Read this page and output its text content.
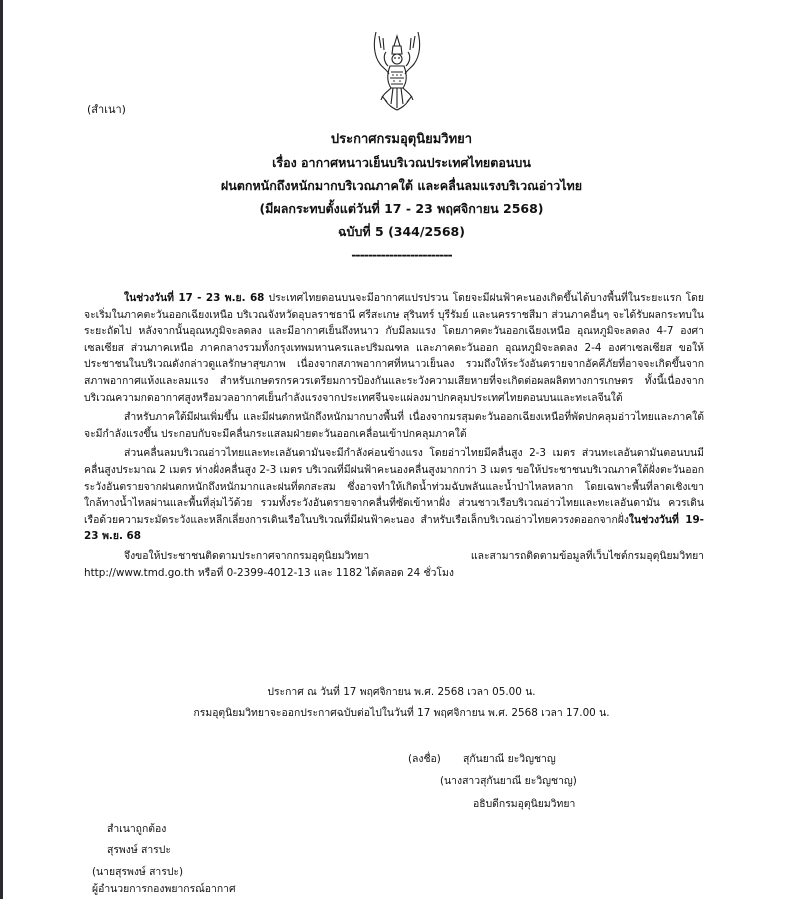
(สำเนา)
ประกาศกรมอุตุนิยมวิทยา
เรื่อง อากาศหนาวเย็นบริเวณประเทศไทยตอนบน
ฝนตกหนักถึงหนักมากบริเวณภาคใต้ และคลื่นลมแรงบริเวณอ่าวไทย
(มีผลกระทบตั้งแต่วันที่ 17 - 23 พฤศจิกายน 2568)
ฉบับที่ 5 (344/2568)
------------------------

ในช่วงวันที่ 17 - 23 พ.ย. 68 ประเทศไทยตอนบนจะมีอากาศแปรปรวน โดยจะมีฝนฟ้าคะนองเกิดขึ้นได้บางพื้นที่ในระยะแรก โดยจะเริ่มในภาคตะวันออกเฉียงเหนือ บริเวณจังหวัดอุบลราชธานี ศรีสะเกษ สุรินทร์ บุรีรัมย์ และนครราชสีมา ส่วนภาคอื่นๆ จะได้รับผลกระทบในระยะถัดไป หลังจากนั้นอุณหภูมิจะลดลง และมีอากาศเย็นถึงหนาว กับมีลมแรง โดยภาคตะวันออกเฉียงเหนือ อุณหภูมิจะลดลง 4-7 องศาเซลเซียส ส่วนภาคเหนือ ภาคกลางรวมทั้งกรุงเทพมหานครและปริมณฑล และภาคตะวันออก อุณหภูมิจะลดลง 2-4 องศาเซลเซียส ขอให้ประชาชนในบริเวณดังกล่าวดูแลรักษาสุขภาพ เนื่องจากสภาพอากาศที่หนาวเย็นลง รวมถึงให้ระวังอันตรายจากอัคคีภัยที่อาจจะเกิดขึ้นจากสภาพอากาศแห้งและลมแรง สำหรับเกษตรกรควรเตรียมการป้องกันและระวังความเสียหายที่จะเกิดต่อผลผลิตทางการเกษตร ทั้งนี้เนื่องจากบริเวณความกดอากาศสูงหรือมวลอากาศเย็นกำลังแรงจากประเทศจีนจะแผ่ลงมาปกคลุมประเทศไทยตอนบนและทะเลจีนใต้

สำหรับภาคใต้มีฝนเพิ่มขึ้น และมีฝนตกหนักถึงหนักมากบางพื้นที่ เนื่องจากมรสุมตะวันออกเฉียงเหนือที่พัดปกคลุมอ่าวไทยและภาคใต้จะมีกำลังแรงขึ้น ประกอบกับจะมีคลื่นกระแสลมฝ่ายตะวันออกเคลื่อนเข้าปกคลุมภาคใต้

ส่วนคลื่นลมบริเวณอ่าวไทยและทะเลอันดามันจะมีกำลังค่อนข้างแรง โดยอ่าวไทยมีคลื่นสูง 2-3 เมตร ส่วนทะเลอันดามันตอนบนมีคลื่นสูงประมาณ 2 เมตร ห่างฝั่งคลื่นสูง 2-3 เมตร บริเวณที่มีฝนฟ้าคะนองคลื่นสูงมากกว่า 3 เมตร ขอให้ประชาชนบริเวณภาคใต้ฝั่งตะวันออก ระวังอันตรายจากฝนตกหนักถึงหนักมากและฝนที่ตกสะสม ซึ่งอาจทำให้เกิดน้ำท่วมฉับพลันและน้ำป่าไหลหลาก โดยเฉพาะพื้นที่ลาดเชิงเขาใกล้ทางน้ำไหลผ่านและพื้นที่ลุ่มไว้ด้วย รวมทั้งระวังอันตรายจากคลื่นที่ซัดเข้าหาฝั่ง ส่วนชาวเรือบริเวณอ่าวไทยและทะเลอันดามัน ควรเดินเรือด้วยความระมัดระวังและหลีกเลี่ยงการเดินเรือในบริเวณที่มีฝนฟ้าคะนอง สำหรับเรือเล็กบริเวณอ่าวไทยควรงดออกจากฝั่งในช่วงวันที่ 19-23 พ.ย. 68

จึงขอให้ประชาชนติดตามประกาศจากกรมอุตุนิยมวิทยา และสามารถติดตามข้อมูลที่เว็บไซต์กรมอุตุนิยมวิทยา http://www.tmd.go.th หรือที่ 0-2399-4012-13 และ 1182 ได้ตลอด 24 ชั่วโมง

ประกาศ ณ วันที่ 17 พฤศจิกายน พ.ศ. 2568 เวลา 05.00 น.
กรมอุตุนิยมวิทยาจะออกประกาศฉบับต่อไปในวันที่ 17 พฤศจิกายน พ.ศ. 2568 เวลา 17.00 น.
(ลงชื่อ) สุกันยาณี ยะวิญชาญ
(นางสาวสุกันยาณี ยะวิญชาญ)
อธิบดีกรมอุตุนิยมวิทยา
สำเนาถูกต้อง
สุรพงษ์ สารปะ
(นายสุรพงษ์ สารปะ)
ผู้อำนวยการกองพยากรณ์อากาศ
